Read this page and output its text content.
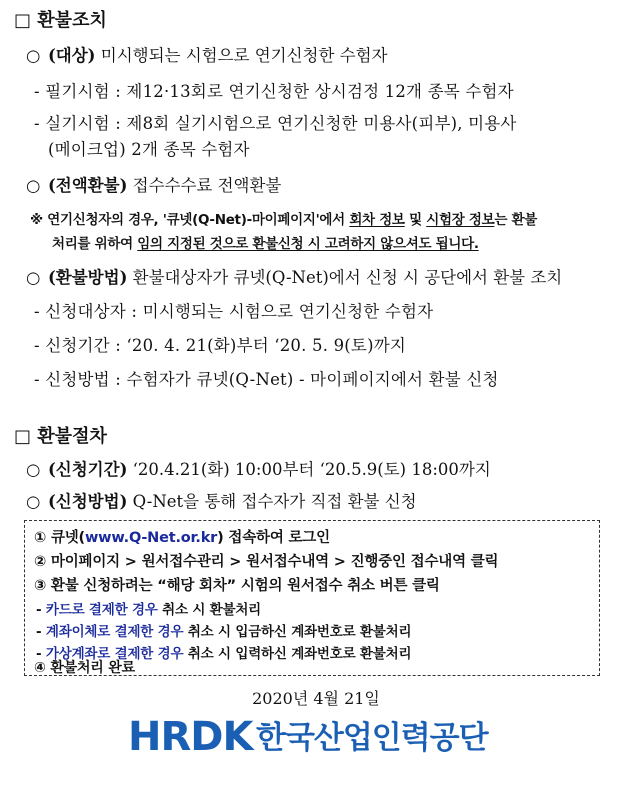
□ 환불조치
○ (대상) 미시행되는 시험으로 연기신청한 수험자
- 필기시험 : 제12·13회로 연기신청한 상시검정 12개 종목 수험자
- 실기시험 : 제8회 실기시험으로 연기신청한 미용사(피부), 미용사
(메이크업) 2개 종목 수험자
○ (전액환불) 접수수수료 전액환불
※ 연기신청자의 경우, '큐넷(Q-Net)-마이페이지'에서 회차 정보 및 시험장 정보는 환불
처리를 위하여 임의 지정된 것으로 환불신청 시 고려하지 않으셔도 됩니다.
○ (환불방법) 환불대상자가 큐넷(Q-Net)에서 신청 시 공단에서 환불 조치
- 신청대상자 : 미시행되는 시험으로 연기신청한 수험자
- 신청기간 : ‘20. 4. 21(화)부터 ‘20. 5. 9(토)까지
- 신청방법 : 수험자가 큐넷(Q-Net) - 마이페이지에서 환불 신청
□ 환불절차
○ (신청기간) ‘20.4.21(화) 10:00부터 ‘20.5.9(토) 18:00까지
○ (신청방법) Q-Net을 통해 접수자가 직접 환불 신청
① 큐넷(www.Q-Net.or.kr) 접속하여 로그인
② 마이페이지 > 원서접수관리 > 원서접수내역 > 진행중인 접수내역 클릭
③ 환불 신청하려는 “해당 회차” 시험의 원서접수 취소 버튼 클릭
- 카드로 결제한 경우 취소 시 환불처리
- 계좌이체로 결제한 경우 취소 시 입금하신 계좌번호로 환불처리
- 가상계좌로 결제한 경우 취소 시 입력하신 계좌번호로 환불처리
④ 환불처리 완료
2020년 4월 21일
HRDK 한국산업인력공단
